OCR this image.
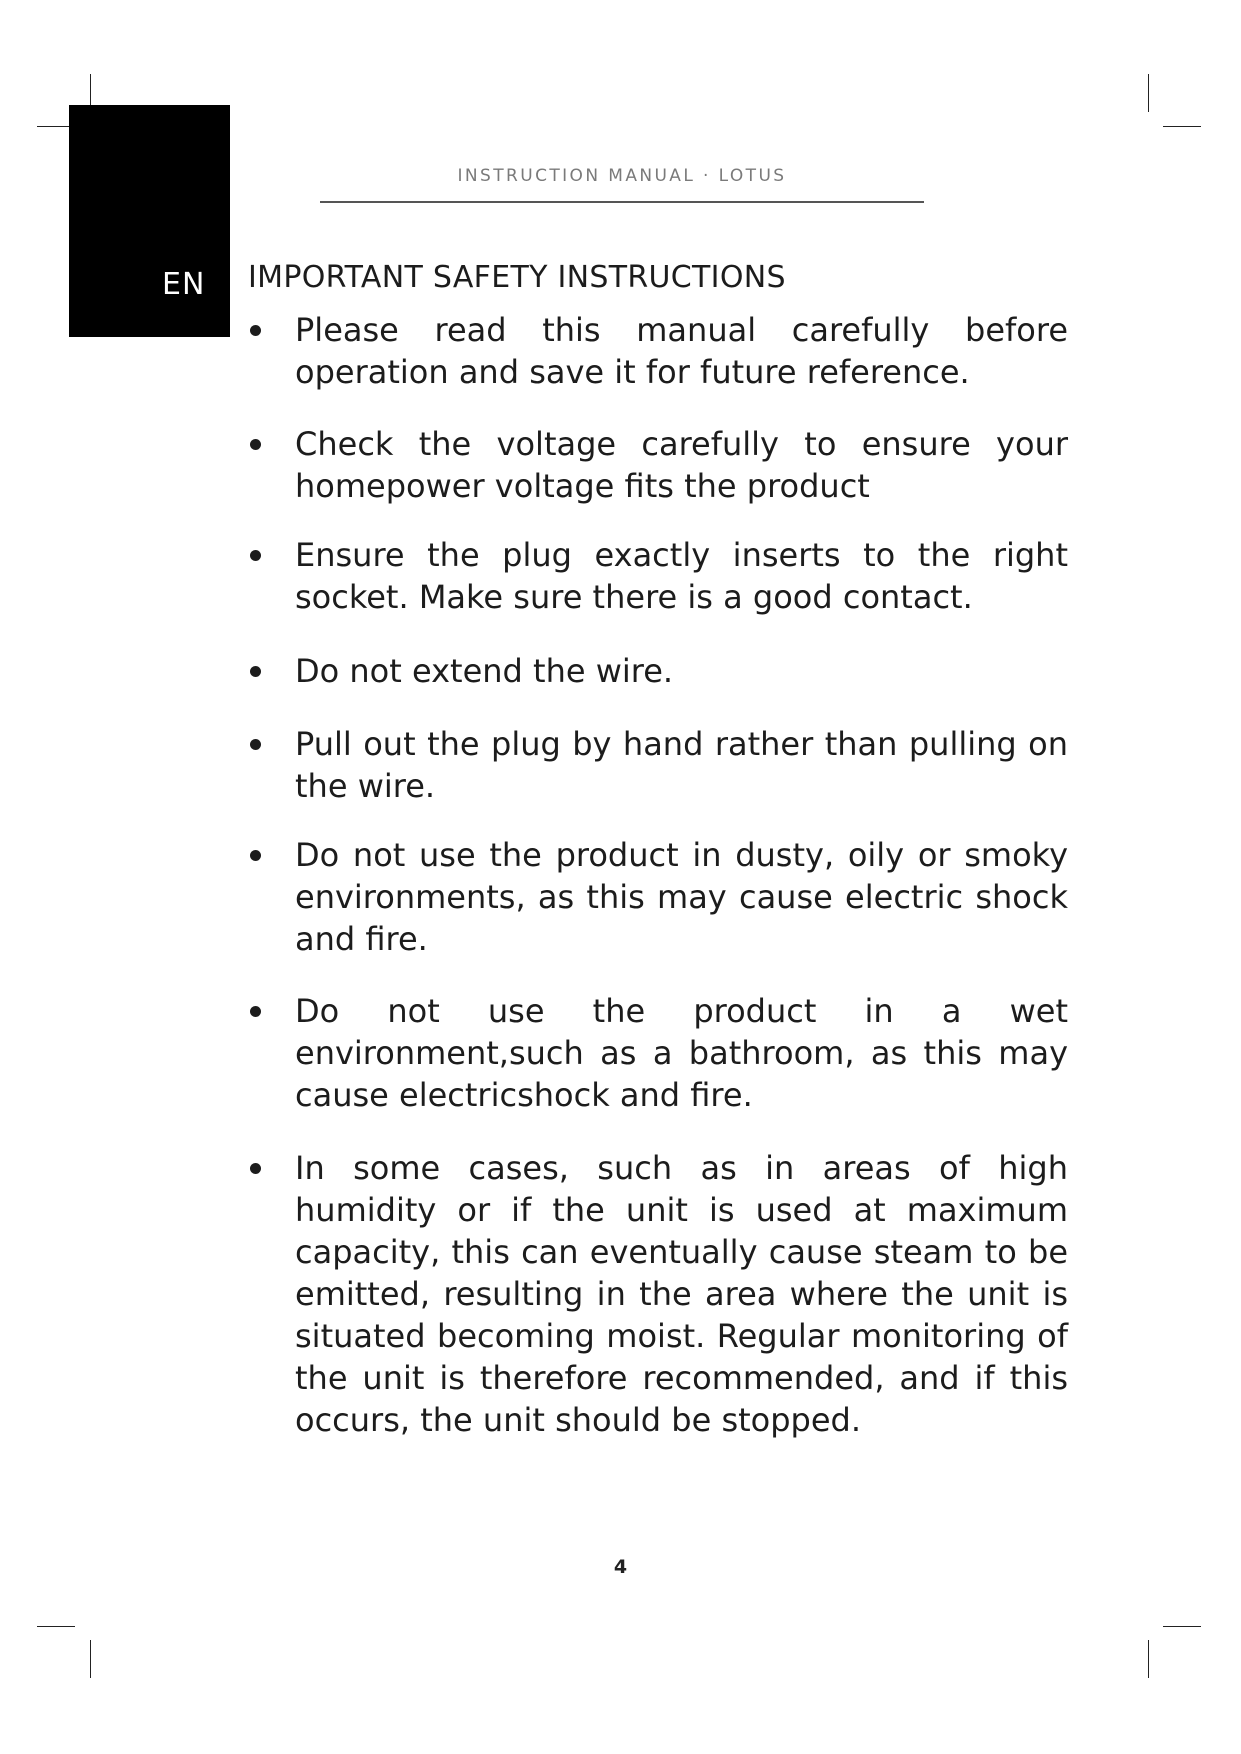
EN
INSTRUCTION MANUAL · LOTUS
IMPORTANT SAFETY INSTRUCTIONS
Please read this manual carefully before operation and save it for future reference.
Check the voltage carefully to ensure your homepower voltage fits the product
Ensure the plug exactly inserts to the right socket. Make sure there is a good contact.
Do not extend the wire.
Pull out the plug by hand rather than pulling on the wire.
Do not use the product in dusty, oily or smoky environments, as this may cause electric shock and fire.
Do not use the product in a wet environment,such as a bathroom, as this may cause electricshock and fire.
In some cases, such as in areas of high humidity or if the unit is used at maximum capacity, this can eventually cause steam to be emitted, resulting in the area where the unit is situated becoming moist. Regular monitoring of the unit is therefore recommended, and if this occurs, the unit should be stopped.
4
